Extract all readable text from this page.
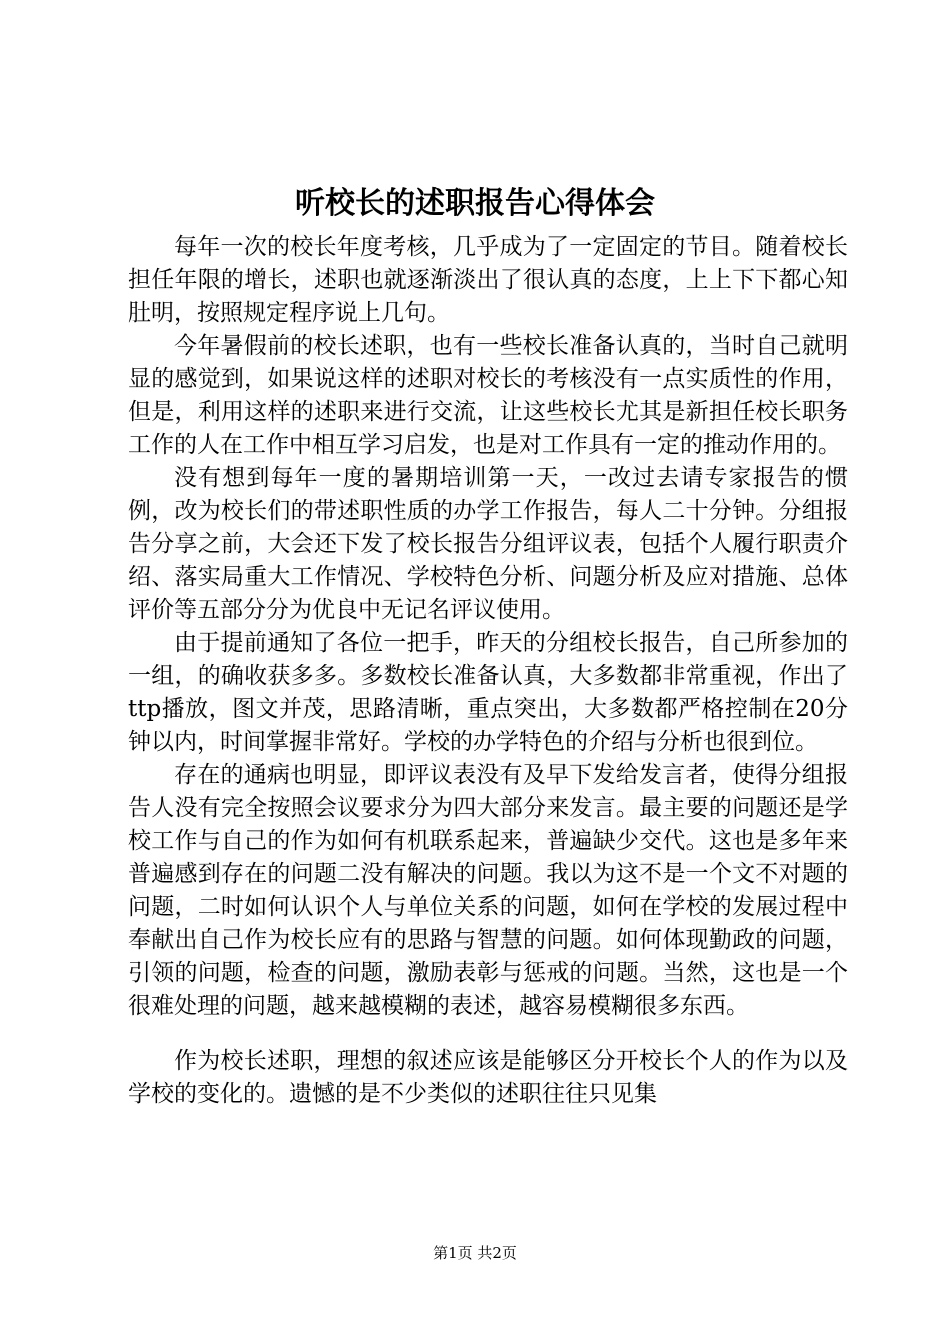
听校长的述职报告心得体会

每年一次的校长年度考核，几乎成为了一定固定的节目。随着校长担任年限的增长，述职也就逐渐淡出了很认真的态度，上上下下都心知肚明，按照规定程序说上几句。

今年暑假前的校长述职，也有一些校长准备认真的，当时自己就明显的感觉到，如果说这样的述职对校长的考核没有一点实质性的作用，但是，利用这样的述职来进行交流，让这些校长尤其是新担任校长职务工作的人在工作中相互学习启发，也是对工作具有一定的推动作用的。

没有想到每年一度的暑期培训第一天，一改过去请专家报告的惯例，改为校长们的带述职性质的办学工作报告，每人二十分钟。分组报告分享之前，大会还下发了校长报告分组评议表，包括个人履行职责介绍、落实局重大工作情况、学校特色分析、问题分析及应对措施、总体评价等五部分分为优良中无记名评议使用。

由于提前通知了各位一把手，昨天的分组校长报告，自己所参加的一组，的确收获多多。多数校长准备认真，大多数都非常重视，作出了ttp播放，图文并茂，思路清晰，重点突出，大多数都严格控制在20分钟以内，时间掌握非常好。学校的办学特色的介绍与分析也很到位。

存在的通病也明显，即评议表没有及早下发给发言者，使得分组报告人没有完全按照会议要求分为四大部分来发言。最主要的问题还是学校工作与自己的作为如何有机联系起来，普遍缺少交代。这也是多年来普遍感到存在的问题二没有解决的问题。我以为这不是一个文不对题的问题，二时如何认识个人与单位关系的问题，如何在学校的发展过程中奉献出自己作为校长应有的思路与智慧的问题。如何体现勤政的问题，引领的问题，检查的问题，激励表彰与惩戒的问题。当然，这也是一个很难处理的问题，越来越模糊的表述，越容易模糊很多东西。

作为校长述职，理想的叙述应该是能够区分开校长个人的作为以及学校的变化的。遗憾的是不少类似的述职往往只见集

第1页 共2页
